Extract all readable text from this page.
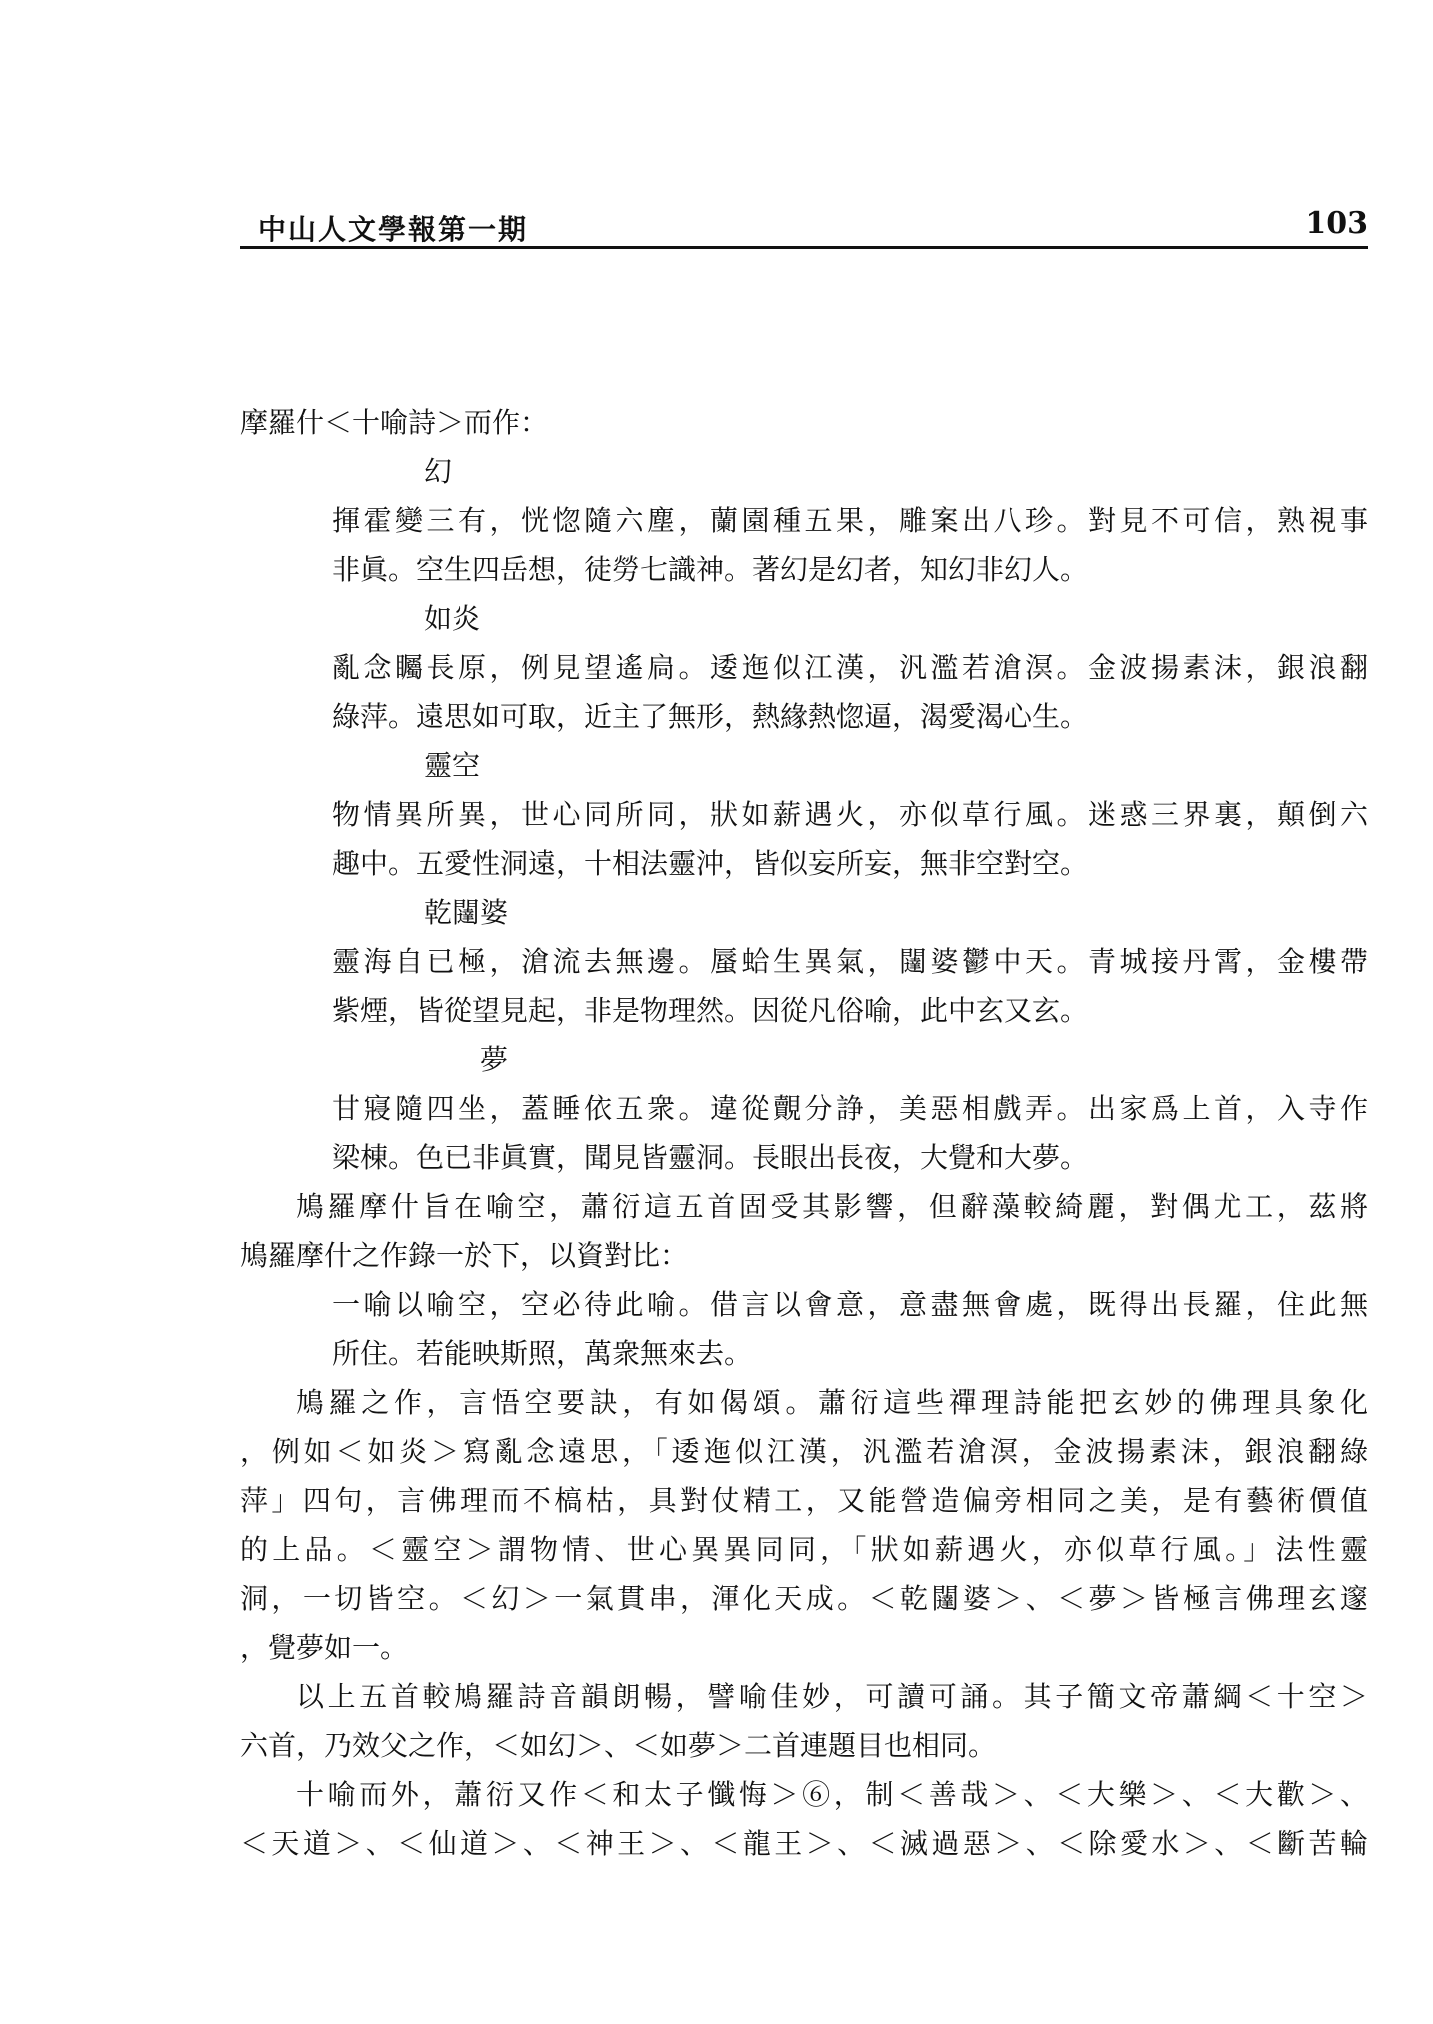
中山人文學報第一期	103
摩羅什＜十喻詩＞而作：
幻
揮霍變三有，恍惚隨六塵，蘭園種五果，雕案出八珍。對見不可信，熟視事
非眞。空生四岳想，徒勞七識神。著幻是幻者，知幻非幻人。
如炎
亂念矚長原，例見望遙扃。逶迤似江漢，汎濫若滄溟。金波揚素沫，銀浪翻
綠萍。遠思如可取，近主了無形，熱緣熱惚逼，渴愛渴心生。
靈空
物情異所異，世心同所同，狀如薪遇火，亦似草行風。迷惑三界裏，顛倒六
趣中。五愛性洞遠，十相法靈沖，皆似妄所妄，無非空對空。
乾闥婆
靈海自已極，滄流去無邊。蜃蛤生異氣，闥婆鬱中天。青城接丹霄，金樓帶
紫煙，皆從望見起，非是物理然。因從凡俗喻，此中玄又玄。
夢
甘寢隨四坐，蓋睡依五衆。違從覿分諍，美惡相戲弄。出家爲上首，入寺作
梁棟。色已非眞實，聞見皆靈洞。長眼出長夜，大覺和大夢。
鳩羅摩什旨在喻空，蕭衍這五首固受其影響，但辭藻較綺麗，對偶尤工，茲將
鳩羅摩什之作錄一於下，以資對比：
一喻以喻空，空必待此喻。借言以會意，意盡無會處，既得出長羅，住此無
所住。若能映斯照，萬衆無來去。
鳩羅之作，言悟空要訣，有如偈頌。蕭衍這些禪理詩能把玄妙的佛理具象化
，例如＜如炎＞寫亂念遠思，「逶迤似江漢，汎濫若滄溟，金波揚素沫，銀浪翻綠
萍」四句，言佛理而不槁枯，具對仗精工，又能營造偏旁相同之美，是有藝術價值
的上品。＜靈空＞謂物情、世心異異同同，「狀如薪遇火，亦似草行風。」法性靈
洞，一切皆空。＜幻＞一氣貫串，渾化天成。＜乾闥婆＞、＜夢＞皆極言佛理玄邃
，覺夢如一。
以上五首較鳩羅詩音韻朗暢，譬喻佳妙，可讀可誦。其子簡文帝蕭綱＜十空＞
六首，乃效父之作，＜如幻＞、＜如夢＞二首連題目也相同。
十喻而外，蕭衍又作＜和太子懺悔＞⑥，制＜善哉＞、＜大樂＞、＜大歡＞、
＜天道＞、＜仙道＞、＜神王＞、＜龍王＞、＜滅過惡＞、＜除愛水＞、＜斷苦輪
